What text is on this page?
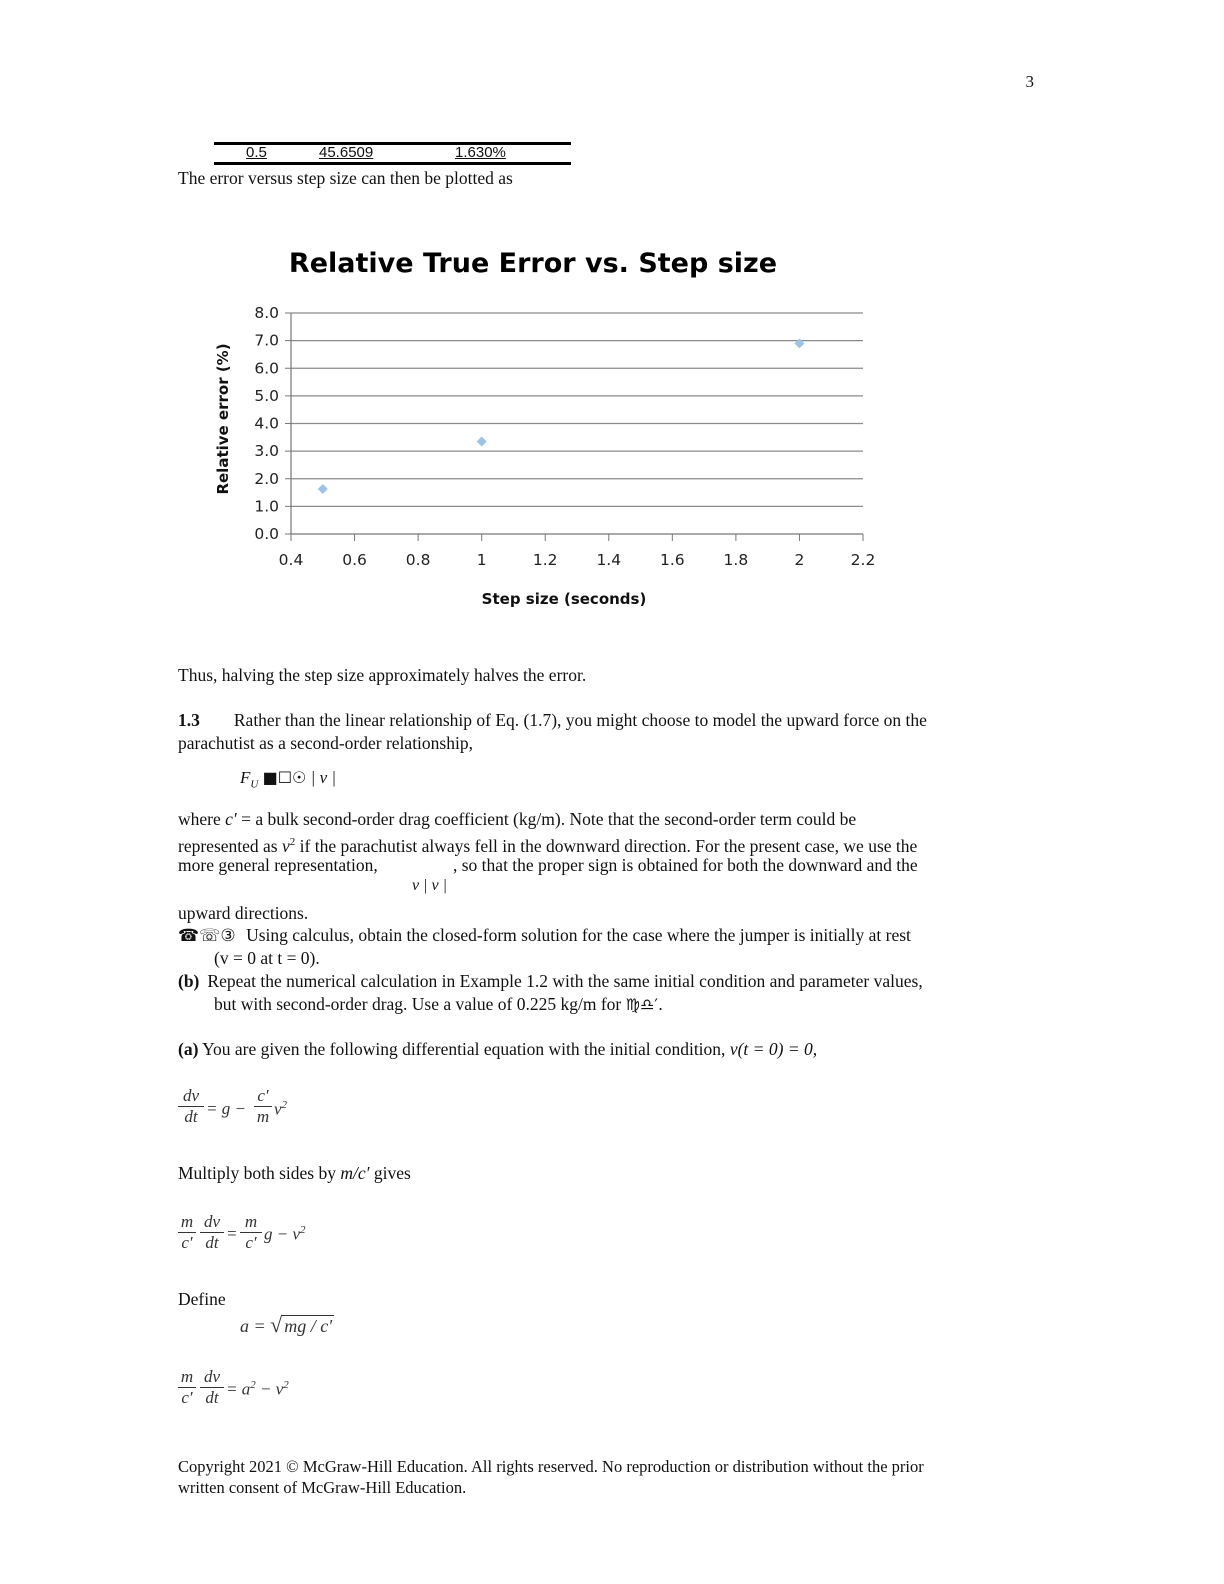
3
0.5	45.6509	1.630%
The error versus step size can then be plotted as
Relative True Error vs. Step size
0.0
1.0
2.0
3.0
4.0
5.0
6.0
7.0
8.0
0.4	0.6	0.8	1	1.2	1.4	1.6	1.8	2	2.2
Relative error (%)
Step size (seconds)
Thus, halving the step size approximately halves the error.
1.3 Rather than the linear relationship of Eq. (1.7), you might choose to model the upward force on the
parachutist as a second-order relationship,
$F_U$ ■☐☉ | v |
where c′ = a bulk second-order drag coefficient (kg/m). Note that the second-order term could be
represented as $v^2$ if the parachutist always fell in the downward direction. For the present case, we use the
more general representation,	, so that the proper sign is obtained for both the downward and the
v | v |
upward directions.
☎☏③ Using calculus, obtain the closed-form solution for the case where the jumper is initially at rest
(v = 0 at t = 0).
(b) Repeat the numerical calculation in Example 1.2 with the same initial condition and parameter values,
but with second-order drag. Use a value of 0.225 kg/m for ♍♎′.
(a) You are given the following differential equation with the initial condition, v(t = 0) = 0,
$\frac{dv}{dt} = g - \frac{c'}{m} v^2$
Multiply both sides by m/c′ gives
$\frac{m}{c'} \frac{dv}{dt} = \frac{m}{c'}$ $g - v^2$
Define
a = √ mg / c′
$\frac{m}{c'} \frac{dv}{dt} = a^2 - v^2$
Copyright 2021 © McGraw-Hill Education. All rights reserved. No reproduction or distribution without the prior
written consent of McGraw-Hill Education.
